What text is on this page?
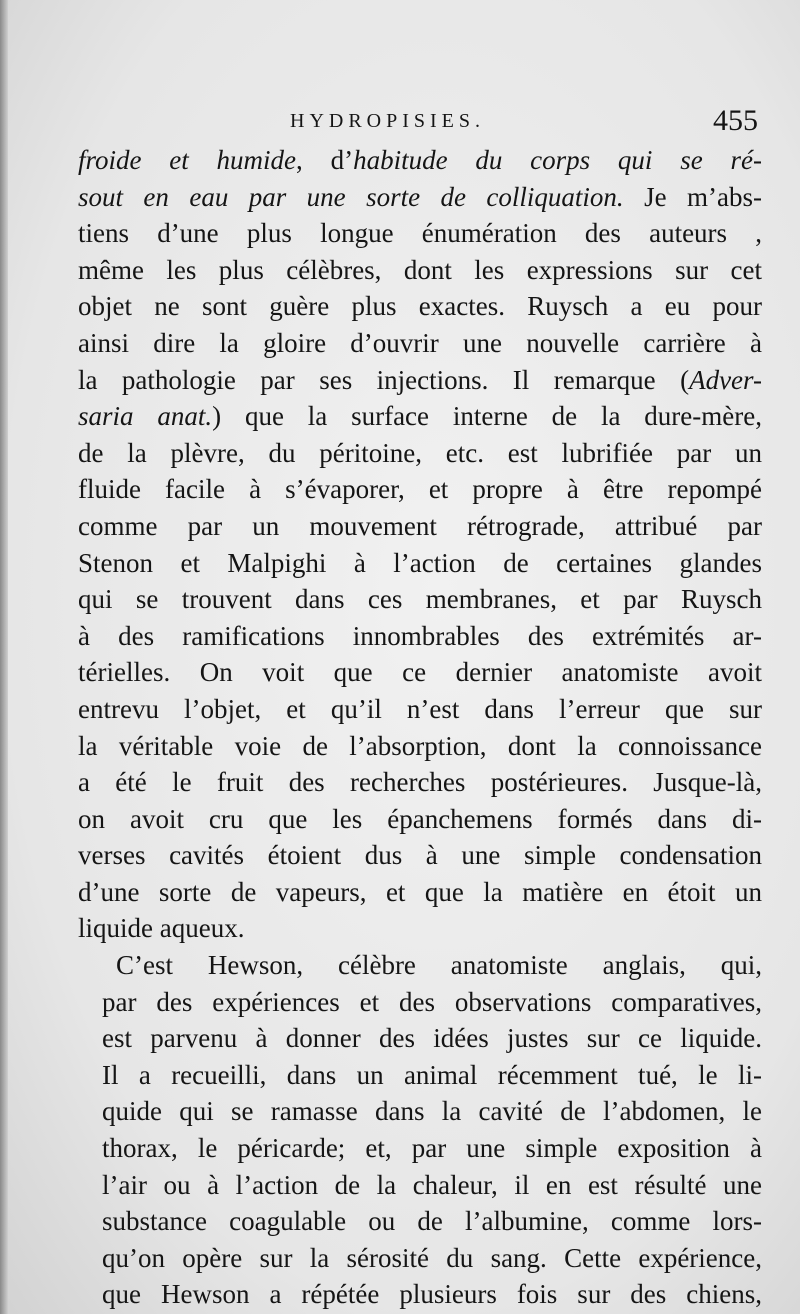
HYDROPISIES.	455
froide et humide, d’habitude du corps qui se ré-
sout en eau par une sorte de colliquation. Je m’abs-
tiens d’une plus longue énumération des auteurs ,
même les plus célèbres, dont les expressions sur cet
objet ne sont guère plus exactes. Ruysch a eu pour
ainsi dire la gloire d’ouvrir une nouvelle carrière à
la pathologie par ses injections. Il remarque (Adver-
saria anat.) que la surface interne de la dure-mère,
de la plèvre, du péritoine, etc. est lubrifiée par un
fluide facile à s’évaporer, et propre à être repompé
comme par un mouvement rétrograde, attribué par
Stenon et Malpighi à l’action de certaines glandes
qui se trouvent dans ces membranes, et par Ruysch
à des ramifications innombrables des extrémités ar-
térielles. On voit que ce dernier anatomiste avoit
entrevu l’objet, et qu’il n’est dans l’erreur que sur
la véritable voie de l’absorption, dont la connoissance
a été le fruit des recherches postérieures. Jusque-là,
on avoit cru que les épanchemens formés dans di-
verses cavités étoient dus à une simple condensation
d’une sorte de vapeurs, et que la matière en étoit un
liquide aqueux.
C’est Hewson, célèbre anatomiste anglais, qui,
par des expériences et des observations comparatives,
est parvenu à donner des idées justes sur ce liquide.
Il a recueilli, dans un animal récemment tué, le li-
quide qui se ramasse dans la cavité de l’abdomen, le
thorax, le péricarde; et, par une simple exposition à
l’air ou à l’action de la chaleur, il en est résulté une
substance coagulable ou de l’albumine, comme lors-
qu’on opère sur la sérosité du sang. Cette expérience,
que Hewson a répétée plusieurs fois sur des chiens,
